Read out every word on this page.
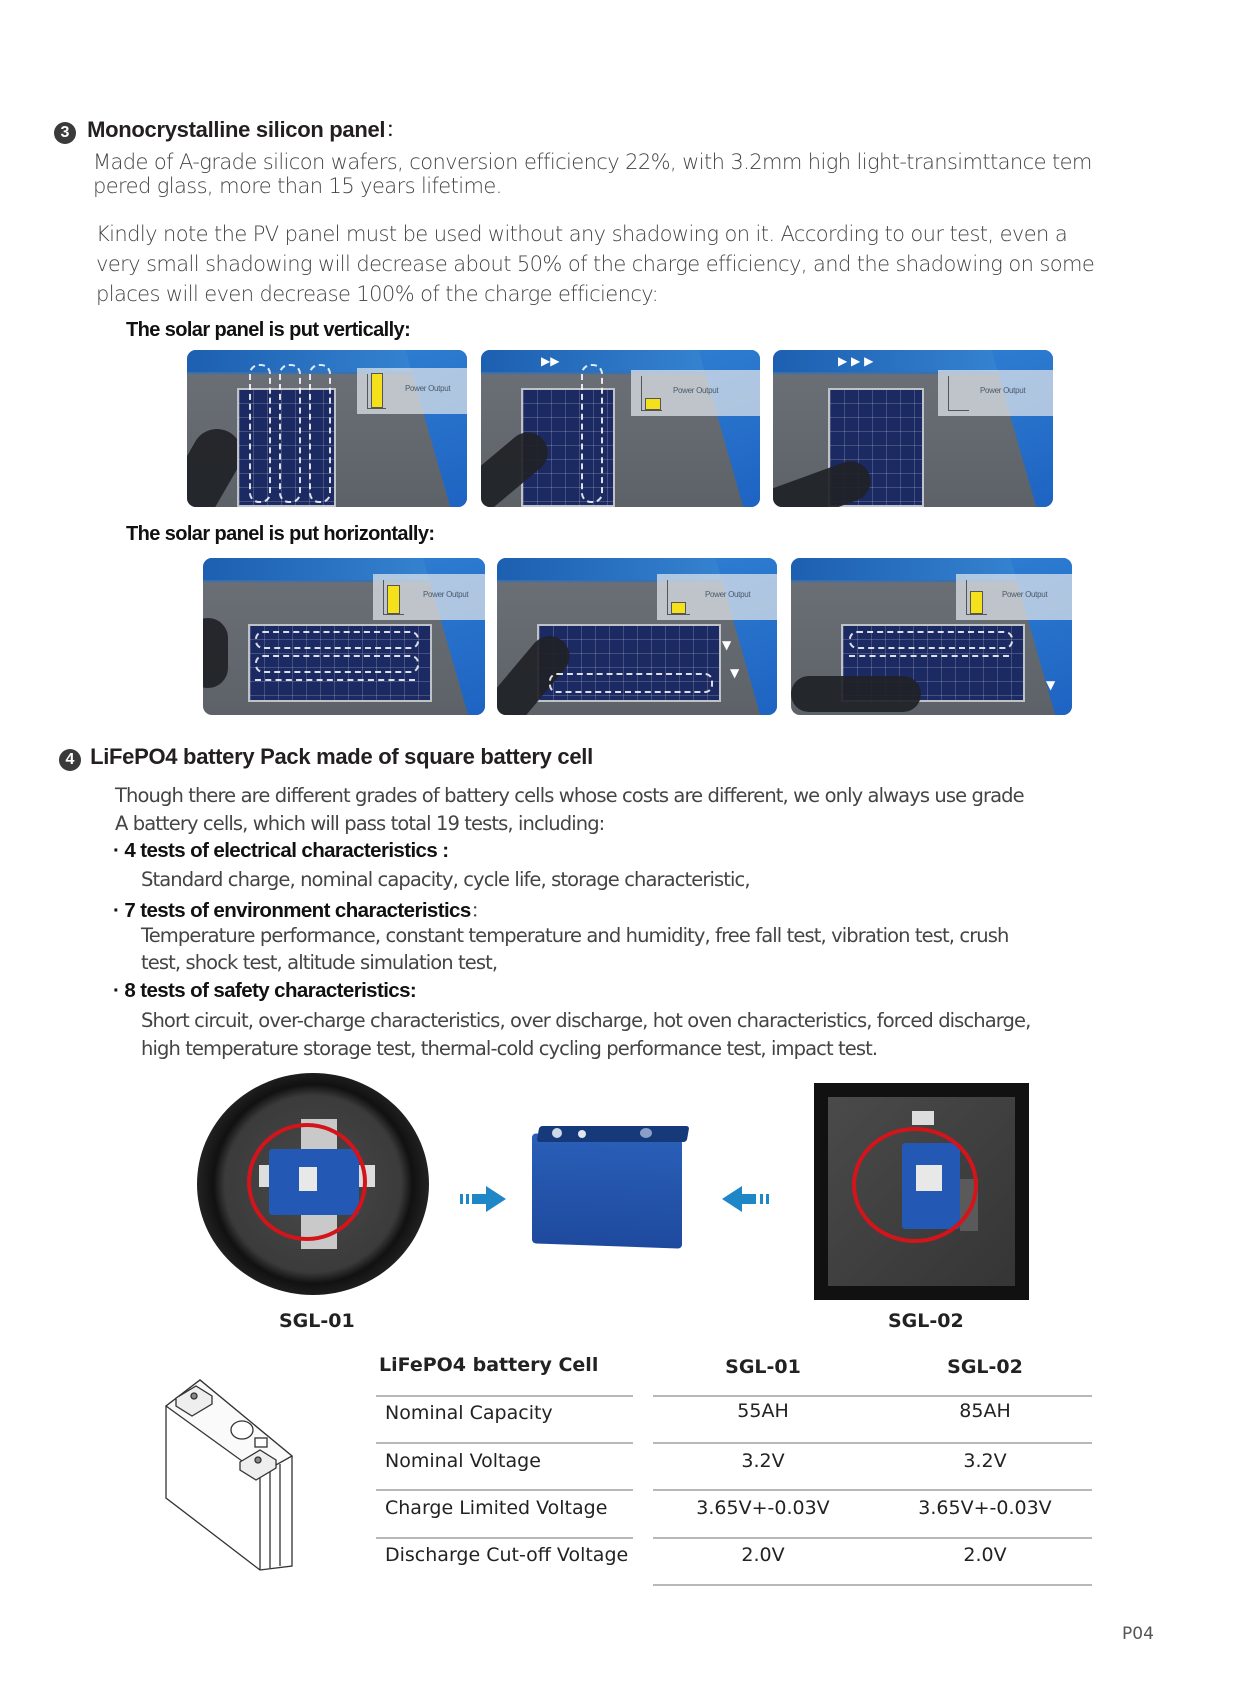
3 Monocrystalline silicon panel：
Made of A-grade silicon wafers, conversion efficiency 22%, with 3.2mm high light-transimttance tem
pered glass, more than 15 years lifetime.
Kindly note the PV panel must be used without any shadowing on it. According to our test, even a
very small shadowing will decrease about 50% of the charge efficiency, and the shadowing on some
places will even decrease 100% of the charge efficiency:
The solar panel is put vertically:
Power Output
▶▶
Power Output
▶ ▶ ▶
Power Output
The solar panel is put horizontally:
Power Output
▼
▼
Power Output
▼
Power Output
4 LiFePO4 battery Pack made of square battery cell
Though there are different grades of battery cells whose costs are different, we only always use grade
A battery cells, which will pass total 19 tests, including:
· 4 tests of electrical characteristics :
Standard charge, nominal capacity, cycle life, storage characteristic,
· 7 tests of environment characteristics：
Temperature performance, constant temperature and humidity, free fall test, vibration test, crush
test, shock test, altitude simulation test,
· 8 tests of safety characteristics:
Short circuit, over-charge characteristics, over discharge, hot oven characteristics, forced discharge,
high temperature storage test, thermal-cold cycling performance test, impact test.
SGL-01	SGL-02
LiFePO4 battery Cell	SGL-01	SGL-02
Nominal Capacity	55AH	85AH
Nominal Voltage	3.2V	3.2V
Charge Limited Voltage	3.65V+-0.03V	3.65V+-0.03V
Discharge Cut-off Voltage	2.0V	2.0V
P04
